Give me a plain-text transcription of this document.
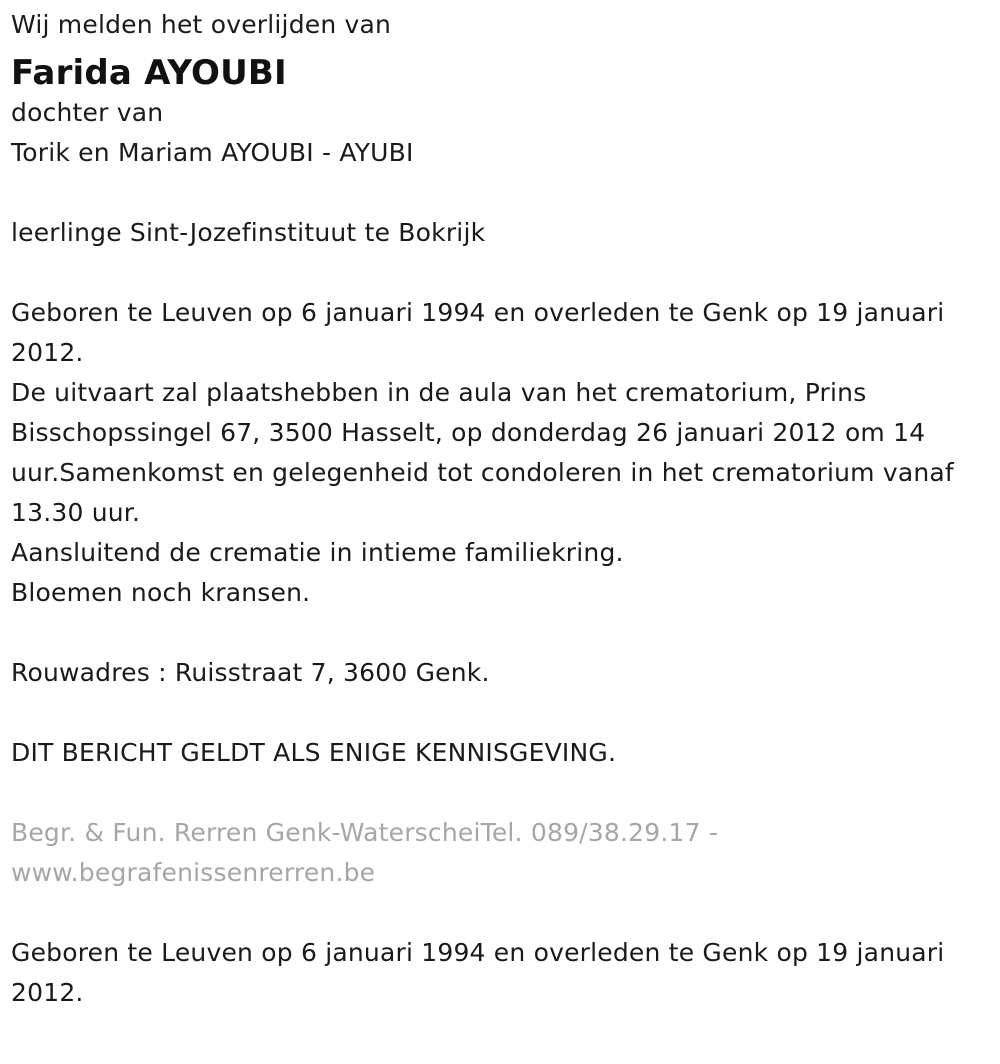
Wij melden het overlijden van

Farida AYOUBI

dochter van

Torik en Mariam AYOUBI - AYUBI

leerlinge Sint-Jozefinstituut te Bokrijk

Geboren te Leuven op 6 januari 1994 en overleden te Genk op 19 januari 2012.

De uitvaart zal plaatshebben in de aula van het crematorium, Prins Bisschopssingel 67, 3500 Hasselt, op donderdag 26 januari 2012 om 14 uur.Samenkomst en gelegenheid tot condoleren in het crematorium vanaf 13.30 uur.

Aansluitend de crematie in intieme familiekring.

Bloemen noch kransen.

Rouwadres : Ruisstraat 7, 3600 Genk.

DIT BERICHT GELDT ALS ENIGE KENNISGEVING.

Begr. & Fun. Rerren Genk-WaterscheiTel. 089/38.29.17 - www.begrafenissenrerren.be

Geboren te Leuven op 6 januari 1994 en overleden te Genk op 19 januari 2012.
